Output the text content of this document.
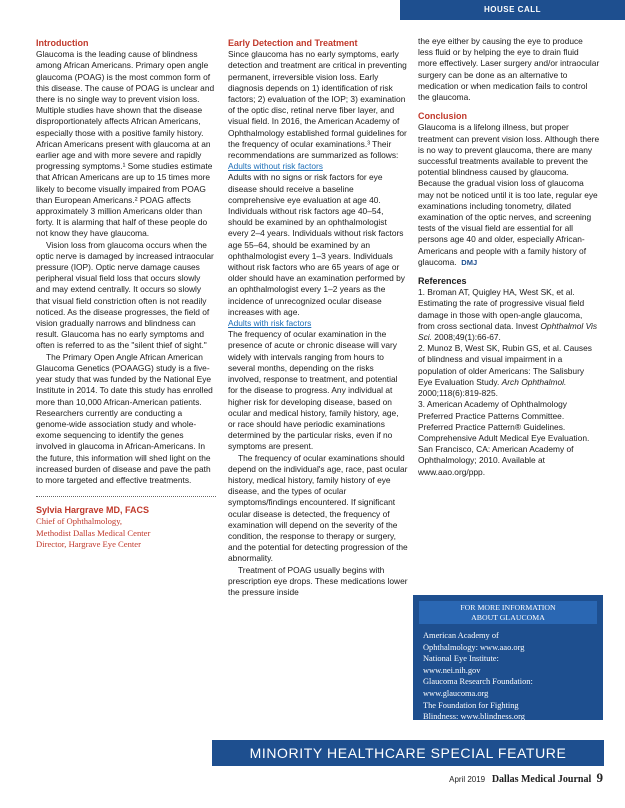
HOUSE CALL

Introduction

Glaucoma is the leading cause of blindness among African Americans. Primary open angle glaucoma (POAG) is the most common form of this disease. The cause of POAG is unclear and there is no single way to prevent vision loss. Multiple studies have shown that the disease disproportionately affects African Americans, especially those with a positive family history. African Americans present with glaucoma at an earlier age and with more severe and rapidly progressing symptoms.¹ Some studies estimate that African Americans are up to 15 times more likely to become visually impaired from POAG than European Americans.² POAG affects approximately 3 million Americans older than forty. It is alarming that half of these people do not know they have glaucoma.

Vision loss from glaucoma occurs when the optic nerve is damaged by increased intraocular pressure (IOP). Optic nerve damage causes peripheral visual field loss that occurs slowly and may extend centrally. It occurs so slowly that visual field constriction often is not readily noticed. As the disease progresses, the field of vision gradually narrows and blindness can result. Glaucoma has no early symptoms and often is referred to as the "silent thief of sight."

The Primary Open Angle African American Glaucoma Genetics (POAAGG) study is a five-year study that was funded by the National Eye Institute in 2014. To date this study has enrolled more than 10,000 African-American patients. Researchers currently are conducting a genome-wide association study and whole-exome sequencing to identify the genes involved in glaucoma in African-Americans. In the future, this information will shed light on the increased burden of disease and pave the path to more targeted and effective treatments.

Sylvia Hargrave MD, FACS
Chief of Ophthalmology,
Methodist Dallas Medical Center
Director, Hargrave Eye Center

Early Detection and Treatment

Since glaucoma has no early symptoms, early detection and treatment are critical in preventing permanent, irreversible vision loss. Early diagnosis depends on 1) identification of risk factors; 2) evaluation of the IOP; 3) examination of the optic disc, retinal nerve fiber layer, and visual field. In 2016, the American Academy of Ophthalmology established formal guidelines for the frequency of ocular examinations.³ Their recommendations are summarized as follows:

Adults without risk factors

Adults with no signs or risk factors for eye disease should receive a baseline comprehensive eye evaluation at age 40. Individuals without risk factors age 40–54, should be examined by an ophthalmologist every 2–4 years. Individuals without risk factors age 55–64, should be examined by an ophthalmologist every 1–3 years. Individuals without risk factors who are 65 years of age or older should have an examination performed by an ophthalmologist every 1–2 years as the incidence of unrecognized ocular disease increases with age.

Adults with risk factors

The frequency of ocular examination in the presence of acute or chronic disease will vary widely with intervals ranging from hours to several months, depending on the risks involved, response to treatment, and potential for the disease to progress. Any individual at higher risk for developing disease, based on ocular and medical history, family history, age, or race should have periodic examinations determined by the particular risks, even if no symptoms are present.

The frequency of ocular examinations should depend on the individual's age, race, past ocular history, medical history, family history of eye disease, and the types of ocular symptoms/findings encountered. If significant ocular disease is detected, the frequency of examination will depend on the severity of the condition, the response to therapy or surgery, and the potential for detecting progression of the abnormality.

Treatment of POAG usually begins with prescription eye drops. These medications lower the pressure inside

the eye either by causing the eye to produce less fluid or by helping the eye to drain fluid more effectively. Laser surgery and/or intraocular surgery can be done as an alternative to medication or when medication fails to control the glaucoma.

Conclusion

Glaucoma is a lifelong illness, but proper treatment can prevent vision loss. Although there is no way to prevent glaucoma, there are many successful treatments available to prevent the potential blindness caused by glaucoma. Because the gradual vision loss of glaucoma may not be noticed until it is too late, regular eye examinations including tonometry, dilated examination of the optic nerves, and screening tests of the visual field are essential for all persons age 40 and older, especially African-Americans and people with a family history of glaucoma. DMJ

References

1. Broman AT, Quigley HA, West SK, et al. Estimating the rate of progressive visual field damage in those with open-angle glaucoma, from cross sectional data. Invest Ophthalmol Vis Sci. 2008;49(1):66-67.

2. Munoz B, West SK, Rubin GS, et al. Causes of blindness and visual impairment in a population of older Americans: The Salisbury Eye Evaluation Study. Arch Ophthalmol. 2000;118(6):819-825.

3. American Academy of Ophthalmology Preferred Practice Patterns Committee. Preferred Practice Pattern® Guidelines. Comprehensive Adult Medical Eye Evaluation. San Francisco, CA: American Academy of Ophthalmology; 2010. Available at www.aao.org/ppp.

FOR MORE INFORMATION
ABOUT GLAUCOMA
American Academy of
Ophthalmology: www.aao.org
National Eye Institute:
www.nei.nih.gov
Glaucoma Research Foundation:
www.glaucoma.org
The Foundation for Fighting
Blindness: www.blindness.org
MINORITY HEALTHCARE SPECIAL FEATURE
April 2019 Dallas Medical Journal 9
